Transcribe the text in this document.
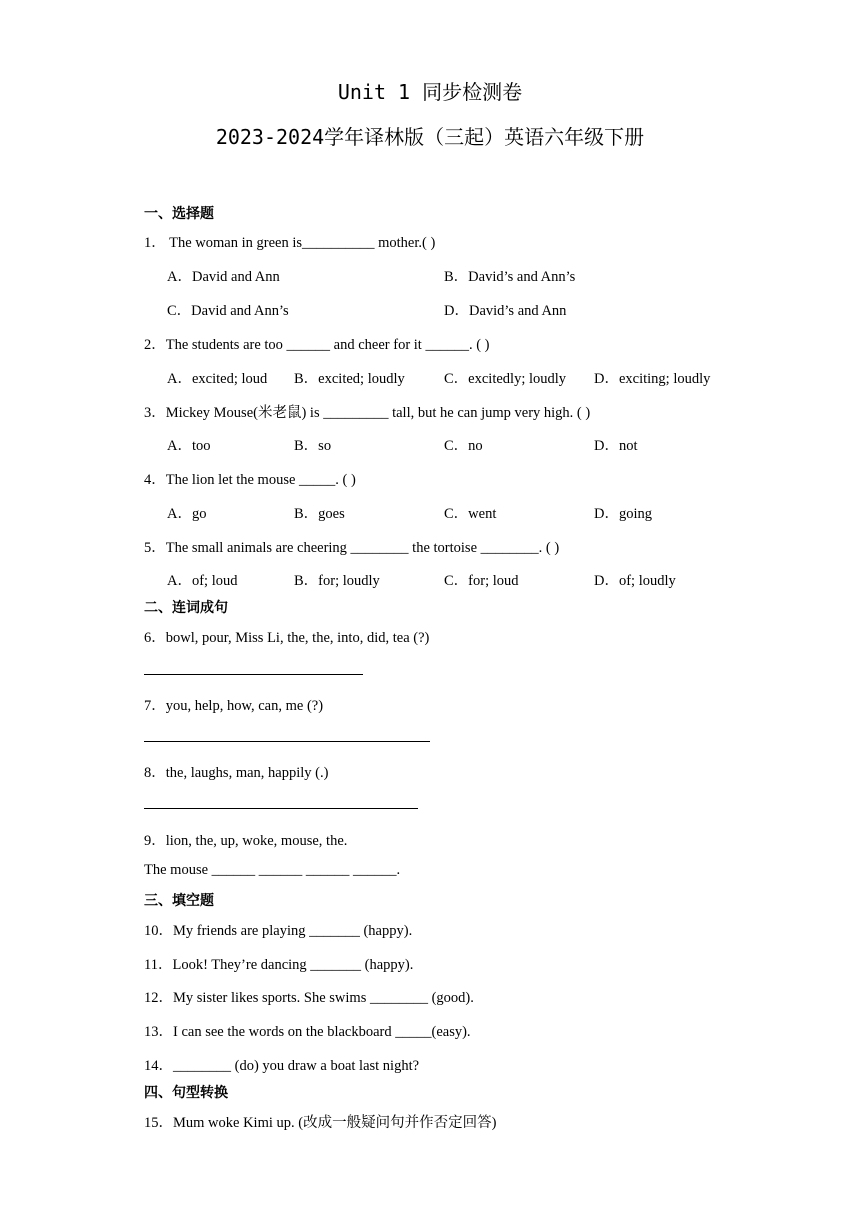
Unit 1 同步检测卷
2023-2024学年译林版（三起）英语六年级下册
一、选择题
1． The woman in green is__________ mother.( )
A．David and Ann	B．David’s and Ann’s
C．David and Ann’s	D．David’s and Ann
2．The students are too ______ and cheer for it ______. ( )
A．excited; loud B．excited; loudly	C．excitedly; loudly D．exciting; loudly
3．Mickey Mouse(米老鼠) is _________ tall, but he can jump very high. ( )
A．too	B．so	C．no	D．not
4．The lion let the mouse _____. ( )
A．go	B．goes	C．went	D．going
5．The small animals are cheering ________ the tortoise ________. ( )
A．of; loud	B．for; loudly	C．for; loud	D．of; loudly
二、连词成句
6．bowl, pour, Miss Li, the, the, into, did, tea (?)
7．you, help, how, can, me (?)
8．the, laughs, man, happily (.)
9．lion, the, up, woke, mouse, the.
The mouse ______ ______ ______ ______.
三、填空题
10．My friends are playing _______ (happy).
11．Look! They’re dancing _______ (happy).
12．My sister likes sports. She swims ________ (good).
13．I can see the words on the blackboard _____(easy).
14．________ (do) you draw a boat last night?
四、句型转换
15．Mum woke Kimi up. (改成一般疑问句并作否定回答)
